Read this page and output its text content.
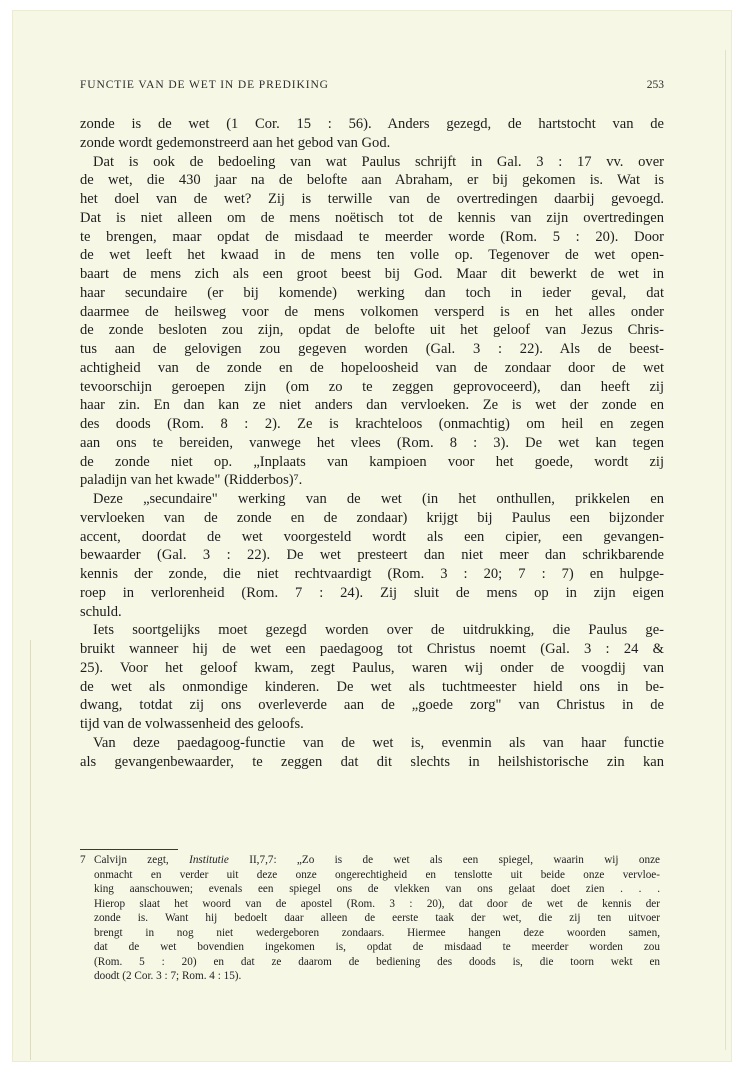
FUNCTIE VAN DE WET IN DE PREDIKING	253
zonde is de wet (1 Cor. 15 : 56). Anders gezegd, de hartstocht van de
zonde wordt gedemonstreerd aan het gebod van God.
Dat is ook de bedoeling van wat Paulus schrijft in Gal. 3 : 17 vv. over
de wet, die 430 jaar na de belofte aan Abraham, er bij gekomen is. Wat is
het doel van de wet? Zij is terwille van de overtredingen daarbij gevoegd.
Dat is niet alleen om de mens noëtisch tot de kennis van zijn overtredingen
te brengen, maar opdat de misdaad te meerder worde (Rom. 5 : 20). Door
de wet leeft het kwaad in de mens ten volle op. Tegenover de wet open-
baart de mens zich als een groot beest bij God. Maar dit bewerkt de wet in
haar secundaire (er bij komende) werking dan toch in ieder geval, dat
daarmee de heilsweg voor de mens volkomen versperd is en het alles onder
de zonde besloten zou zijn, opdat de belofte uit het geloof van Jezus Chris-
tus aan de gelovigen zou gegeven worden (Gal. 3 : 22). Als de beest-
achtigheid van de zonde en de hopeloosheid van de zondaar door de wet
tevoorschijn geroepen zijn (om zo te zeggen geprovoceerd), dan heeft zij
haar zin. En dan kan ze niet anders dan vervloeken. Ze is wet der zonde en
des doods (Rom. 8 : 2). Ze is krachteloos (onmachtig) om heil en zegen
aan ons te bereiden, vanwege het vlees (Rom. 8 : 3). De wet kan tegen
de zonde niet op. „Inplaats van kampioen voor het goede, wordt zij
paladijn van het kwade" (Ridderbos)⁷.
Deze „secundaire" werking van de wet (in het onthullen, prikkelen en
vervloeken van de zonde en de zondaar) krijgt bij Paulus een bijzonder
accent, doordat de wet voorgesteld wordt als een cipier, een gevangen-
bewaarder (Gal. 3 : 22). De wet presteert dan niet meer dan schrikbarende
kennis der zonde, die niet rechtvaardigt (Rom. 3 : 20; 7 : 7) en hulpge-
roep in verlorenheid (Rom. 7 : 24). Zij sluit de mens op in zijn eigen
schuld.
Iets soortgelijks moet gezegd worden over de uitdrukking, die Paulus ge-
bruikt wanneer hij de wet een paedagoog tot Christus noemt (Gal. 3 : 24 &
25). Voor het geloof kwam, zegt Paulus, waren wij onder de voogdij van
de wet als onmondige kinderen. De wet als tuchtmeester hield ons in be-
dwang, totdat zij ons overleverde aan de „goede zorg" van Christus in de
tijd van de volwassenheid des geloofs.
Van deze paedagoog-functie van de wet is, evenmin als van haar functie
als gevangenbewaarder, te zeggen dat dit slechts in heilshistorische zin kan
7 Calvijn zegt, Institutie II,7,7: „Zo is de wet als een spiegel, waarin wij onze
onmacht en verder uit deze onze ongerechtigheid en tenslotte uit beide onze vervloe-
king aanschouwen; evenals een spiegel ons de vlekken van ons gelaat doet zien . . .
Hierop slaat het woord van de apostel (Rom. 3 : 20), dat door de wet de kennis der
zonde is. Want hij bedoelt daar alleen de eerste taak der wet, die zij ten uitvoer
brengt in nog niet wedergeboren zondaars. Hiermee hangen deze woorden samen,
dat de wet bovendien ingekomen is, opdat de misdaad te meerder worden zou
(Rom. 5 : 20) en dat ze daarom de bediening des doods is, die toorn wekt en
doodt (2 Cor. 3 : 7; Rom. 4 : 15).
